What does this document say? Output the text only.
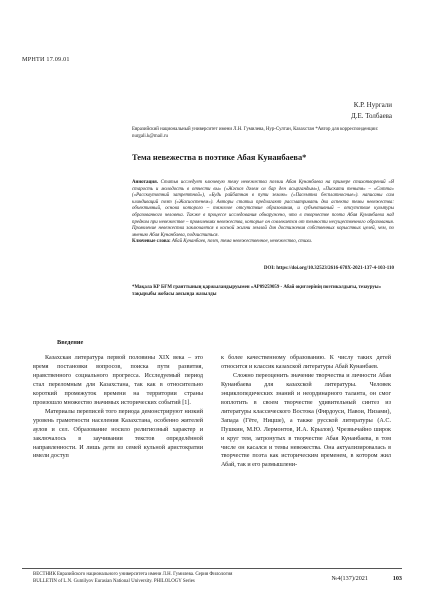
МРНТИ 17.09.01
К.Р. Нургали
Д.Е. Толбаева
Евразийский национальный университет имени Л.Н. Гумилева, Нур-Султан, Казахстан *Автор для корреспонденции: nurgali.k@mail.ru
Тема невежества в поэтике Абая Кунанбаева*
Аннотация. Статья исследует ключевую тему невежества поэзии Абая Кунанбаева на примере стихотворений «Я старость и молодость в отчести вы» («Жәскоз дәлем ол бар ден асыргандым»), «Пискати теньтя» – «Сотта» («Расскоутотний затреттной»), «Будь райбатная в пути землю» («Пасемтна бесплатносные»). написаны сам клиндиваций поэт («Жасиостенем»). Авторы статьи предлагают рассматривать два аспекта темы невежества: объективный, основа которого – тяжелое отсутствие образования, и субъективный – отсутствие культуры образованного человека. Также в процессе исследования обнаружено, что в творчестве поэта Абая Кунанбаева над предком при невежестве – проявлениях невежества, которые он совлекается от темности несущественного образования. Проявление невежества заключается в косной жизни землой для достижения собственных корыстных целей, чем, по мнению Абая Кунанбаева, подчиститься.
Ключевые слова: Абай Кунанбаев, поэт, тема невежественное, невежество, стихи.
DOI: https://doi.org/10.32523/2616-678X-2021-137-4-103-110
*Мақала КР БҒМ гранттының қаржыландыруымен «AP09259059 - Абай оқиғлерінің поэтикалдығы, тезауруы» тақырыбы жобасы аясында жазылды
Введение

Казахская литература первой половины XIX века – это время постановки вопросов, поиска пути развития, нравственного социального прогресса. Исследуемый период стал переломным для Казахстана, так как в относительно короткий промежуток времени на территории страны произошло множество значимых исторических событий [1].

Материалы переписей того периода демонстрируют низкий уровень грамотности населения Казахстана, особенно жителей аулов и сел. Образование носило религиозный характер и заключалось в заучивании текстов определённой направленности. И лишь дети из семей кульной аристократии имели доступ

к более качественному образованию. К числу таких детей относится и классик казахской литературы Абай Кунанбаев.

Сложно переоценить значение творчества и личности Абая Кунанбаева для казахской литературы. Человек энциклопедических знаний и неординарного таланта, он смог воплотить в своем творчестве удивительный синтез из литературы классического Востока (Фирдоуси, Навои, Низами), Запада (Гёте, Ницше), а также русской литературы (А.С. Пушкин, М.Ю. Лермонтов, И.А. Крылов). Чрезвычайно широк и круг тем, затронутых в творчестве Абая Кунанбаева, в том числе он касался и темы невежества. Она актуализировалась в творчестве поэта как историческим временем, в котором жил Абай, так и его размышлени-

ВЕСТНИК Евразийского национального университета имени Л.Н. Гумилева. Серия Филология
BULLETIN of L.N. Gumilyov Eurasian National University. PHILOLOGY Series	№4(137)/2021	103
